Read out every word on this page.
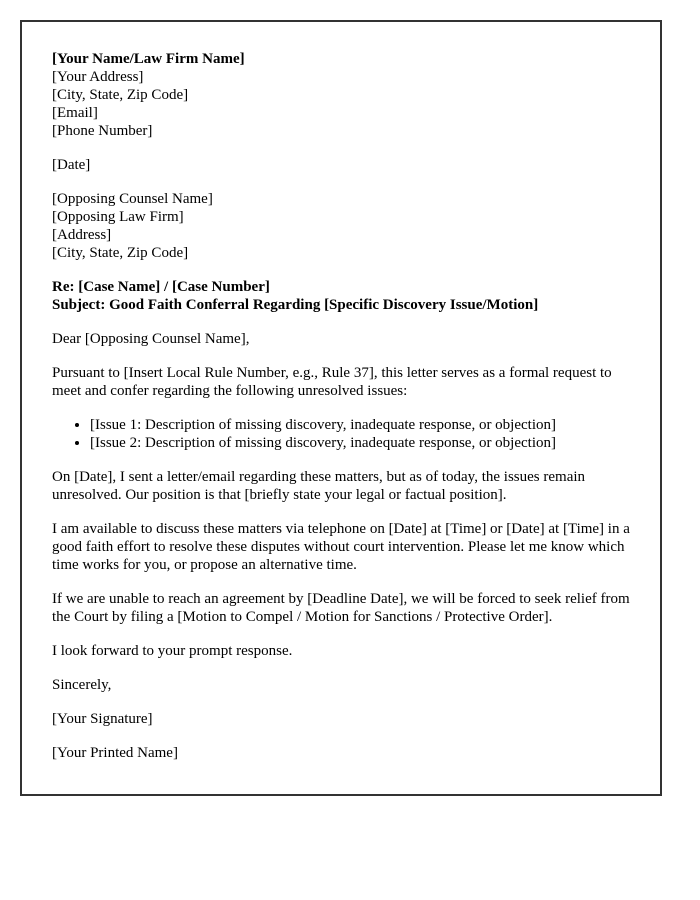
[Your Name/Law Firm Name]
[Your Address]
[City, State, Zip Code]
[Email]
[Phone Number]

[Date]

[Opposing Counsel Name]
[Opposing Law Firm]
[Address]
[City, State, Zip Code]
Re: [Case Name] / [Case Number]
Subject: Good Faith Conferral Regarding [Specific Discovery Issue/Motion]

Dear [Opposing Counsel Name],

Pursuant to [Insert Local Rule Number, e.g., Rule 37], this letter serves as a formal request to meet and confer regarding the following unresolved issues:

• [Issue 1: Description of missing discovery, inadequate response, or objection]
• [Issue 2: Description of missing discovery, inadequate response, or objection]

On [Date], I sent a letter/email regarding these matters, but as of today, the issues remain unresolved. Our position is that [briefly state your legal or factual position].

I am available to discuss these matters via telephone on [Date] at [Time] or [Date] at [Time] in a good faith effort to resolve these disputes without court intervention. Please let me know which time works for you, or propose an alternative time.

If we are unable to reach an agreement by [Deadline Date], we will be forced to seek relief from the Court by filing a [Motion to Compel / Motion for Sanctions / Protective Order].

I look forward to your prompt response.

Sincerely,

[Your Signature]

[Your Printed Name]
